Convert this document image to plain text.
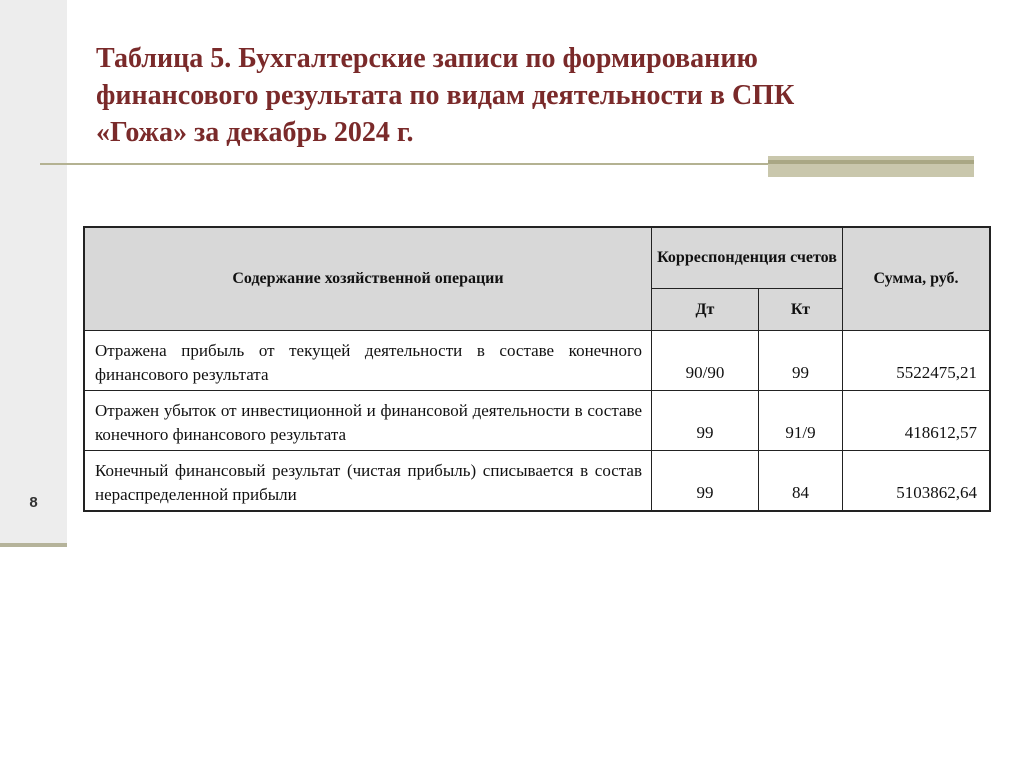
8
Таблица 5. Бухгалтерские записи по формированию финансового результата по видам деятельности в СПК «Гожа» за декабрь 2024 г.
Содержание хозяйственной операции	Корреспонденция счетов		Сумма, руб.
	Дт	Кт	
Отражена прибыль от текущей деятельности в составе конечного финансового результата	90/90	99	5522475,21
Отражен убыток от инвестиционной и финансовой деятельности в составе конечного финансового результата	99	91/9	418612,57
Конечный финансовый результат (чистая прибыль) списывается в состав нераспределенной прибыли	99	84	5103862,64
